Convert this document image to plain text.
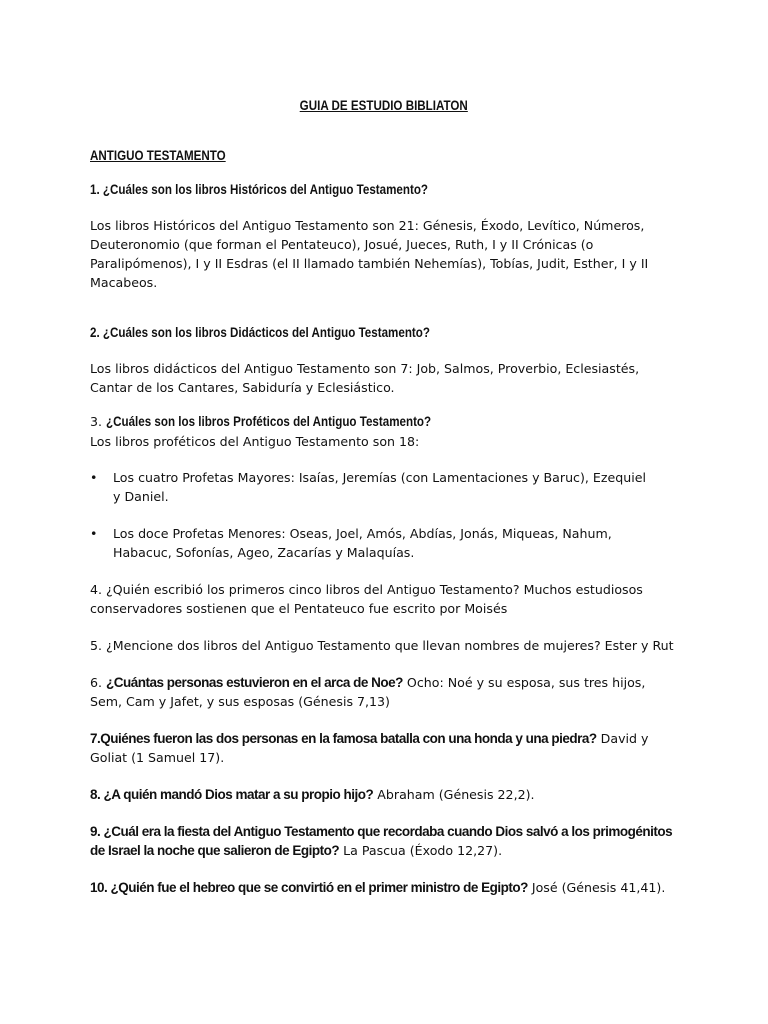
GUIA DE ESTUDIO BIBLIATON
ANTIGUO TESTAMENTO
1. ¿Cuáles son los libros Históricos del Antiguo Testamento?
Los libros Históricos del Antiguo Testamento son 21: Génesis, Éxodo, Levítico, Números, Deuteronomio (que forman el Pentateuco), Josué, Jueces, Ruth, I y II Crónicas (o Paralipómenos), I y II Esdras (el II llamado también Nehemías), Tobías, Judit, Esther, I y II Macabeos.
2. ¿Cuáles son los libros Didácticos del Antiguo Testamento?
Los libros didácticos del Antiguo Testamento son 7: Job, Salmos, Proverbio, Eclesiastés, Cantar de los Cantares, Sabiduría y Eclesiástico.
3. ¿Cuáles son los libros Proféticos del Antiguo Testamento?
Los libros proféticos del Antiguo Testamento son 18:
• Los cuatro Profetas Mayores: Isaías, Jeremías (con Lamentaciones y Baruc), Ezequiel y Daniel.
• Los doce Profetas Menores: Oseas, Joel, Amós, Abdías, Jonás, Miqueas, Nahum, Habacuc, Sofonías, Ageo, Zacarías y Malaquías.
4. ¿Quién escribió los primeros cinco libros del Antiguo Testamento? Muchos estudiosos conservadores sostienen que el Pentateuco fue escrito por Moisés
5. ¿Mencione dos libros del Antiguo Testamento que llevan nombres de mujeres? Ester y Rut
6. ¿Cuántas personas estuvieron en el arca de Noe? Ocho: Noé y su esposa, sus tres hijos, Sem, Cam y Jafet, y sus esposas (Génesis 7,13)
7.Quiénes fueron las dos personas en la famosa batalla con una honda y una piedra? David y Goliat (1 Samuel 17).
8. ¿A quién mandó Dios matar a su propio hijo? Abraham (Génesis 22,2).
9. ¿Cuál era la fiesta del Antiguo Testamento que recordaba cuando Dios salvó a los primogénitos de Israel la noche que salieron de Egipto? La Pascua (Éxodo 12,27).
10. ¿Quién fue el hebreo que se convirtió en el primer ministro de Egipto? José (Génesis 41,41).
